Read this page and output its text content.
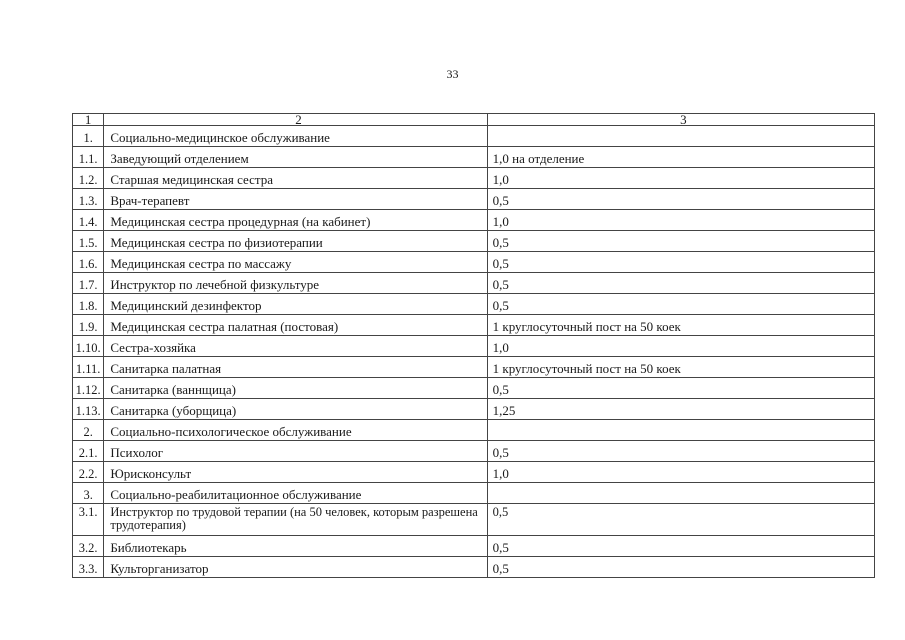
33
1	2	3

1.	Социально-медицинское обслуживание	

1.1.	Заведующий отделением	1,0 на отделение

1.2.	Старшая медицинская сестра	1,0

1.3.	Врач-терапевт	0,5

1.4.	Медицинская сестра процедурная (на кабинет)	1,0

1.5.	Медицинская сестра по физиотерапии	0,5

1.6.	Медицинская сестра по массажу	0,5

1.7.	Инструктор по лечебной физкультуре	0,5

1.8.	Медицинский дезинфектор	0,5

1.9.	Медицинская сестра палатная (постовая)	1 круглосуточный пост на 50 коек

1.10.	Сестра-хозяйка	1,0

1.11.	Санитарка палатная	1 круглосуточный пост на 50 коек

1.12.	Санитарка (ваннщица)	0,5

1.13.	Санитарка (уборщица)	1,25

2.	Социально-психологическое обслуживание	

2.1.	Психолог	0,5

2.2.	Юрисконсульт	1,0

3.	Социально-реабилитационное обслуживание	

3.1.	Инструктор по трудовой терапии (на 50 человек, которым разрешена трудотерапия)	0,5

3.2.	Библиотекарь	0,5

3.3.	Культорганизатор	0,5
